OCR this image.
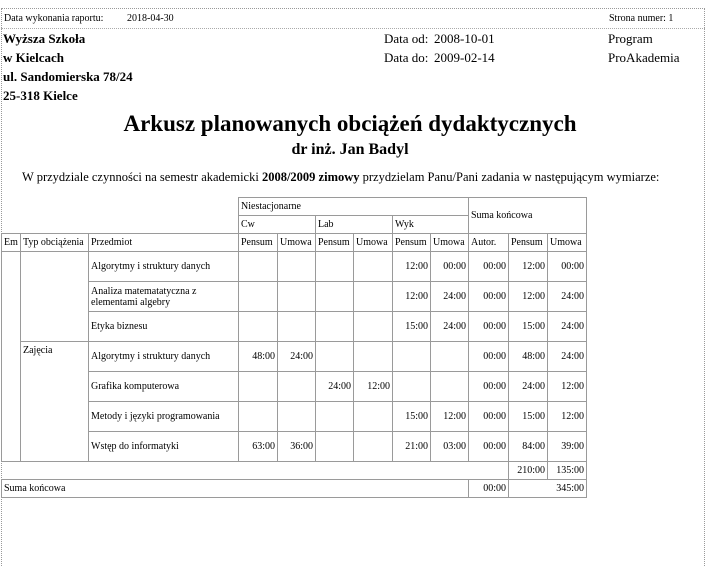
Data wykonania raportu: 2018-04-30	Strona numer: 1
Wyższa Szkoła
w Kielcach
ul. Sandomierska 78/24
25-318 Kielce
Data od: 2008-10-01
Data do: 2009-02-14
Program
ProAkademia
Arkusz planowanych obciążeń dydaktycznych
dr inż. Jan Badyl
W przydziale czynności na semestr akademicki 2008/2009 zimowy przydzielam Panu/Pani zadania w następującym wymiarze:
			Niestacjonarne						Suma końcowa		
			Cw		Lab		Wyk				
Em	Typ obciążenia	Przedmiot	Pensum	Umowa	Pensum	Umowa	Pensum	Umowa	Autor.	Pensum	Umowa
		Algorytmy i struktury danych					12:00	00:00	00:00	12:00	00:00
		Analiza matematatyczna z elementami algebry					12:00	24:00	00:00	12:00	24:00
		Etyka biznesu					15:00	24:00	00:00	15:00	24:00
	Zajęcia	Algorytmy i struktury danych	48:00	24:00					00:00	48:00	24:00
		Grafika komputerowa			24:00	12:00			00:00	24:00	12:00
		Metody i języki programowania					15:00	12:00	00:00	15:00	12:00
		Wstęp do informatyki	63:00	36:00			21:00	03:00	00:00	84:00	39:00
										210:00	135:00
Suma końcowa									00:00	345:00	
